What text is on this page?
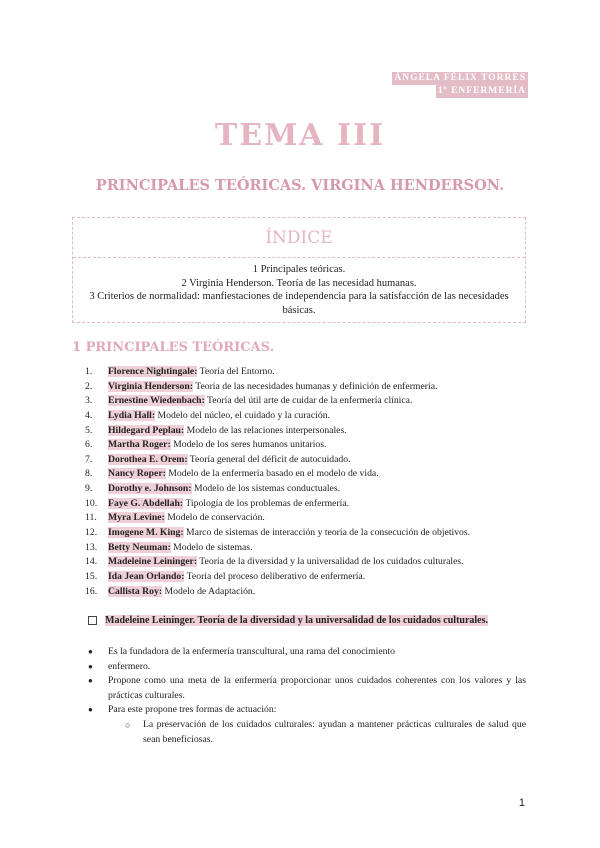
ÁNGELA FÉLIX TORRES
1º ENFERMERÍA
TEMA III
PRINCIPALES TEÓRICAS. VIRGINA HENDERSON.
ÍNDICE
1 Principales teóricas.
2 Virginia Henderson. Teoría de las necesidad humanas.
3 Criterios de normalidad: manfiestaciones de independencia para la satisfacción de las necesidades básicas.
1 PRINCIPALES TEÓRICAS.
1. Florence Nightingale: Teoría del Entorno.
2. Virginia Henderson: Teoría de las necesidades humanas y definición de enfermería.
3. Ernestine Wiedenbach: Teoría del útil arte de cuidar de la enfermería clínica.
4. Lydia Hall: Modelo del núcleo, el cuidado y la curación.
5. Hildegard Peplau: Modelo de las relaciones interpersonales.
6. Martha Roger: Modelo de los seres humanos unitarios.
7. Dorothea E. Orem: Teoría general del déficit de autocuidado.
8. Nancy Roper: Modelo de la enfermería basado en el modelo de vida.
9. Dorothy e. Johnson: Modelo de los sistemas conductuales.
10. Faye G. Abdellah: Tipología de los problemas de enfermería.
11. Myra Levine: Modelo de conservación.
12. Imogene M. King: Marco de sistemas de interacción y teoría de la consecución de objetivos.
13. Betty Neuman: Modelo de sistemas.
14. Madeleine Leininger: Teoría de la diversidad y la universalidad de los cuidados culturales.
15. Ida Jean Orlando: Teoría del proceso deliberativo de enfermería.
16. Callista Roy: Modelo de Adaptación.
Madeleine Leininger. Teoría de la diversidad y la universalidad de los cuidados culturales.
● Es la fundadora de la enfermería transcultural, una rama del conocimiento
● enfermero.
● Propone como una meta de la enfermería proporcionar unos cuidados coherentes con los valores y las prácticas culturales.
● Para este propone tres formas de actuación:
○ La preservación de los cuidados culturales: ayudan a mantener prácticas culturales de salud que sean beneficiosas.
1
